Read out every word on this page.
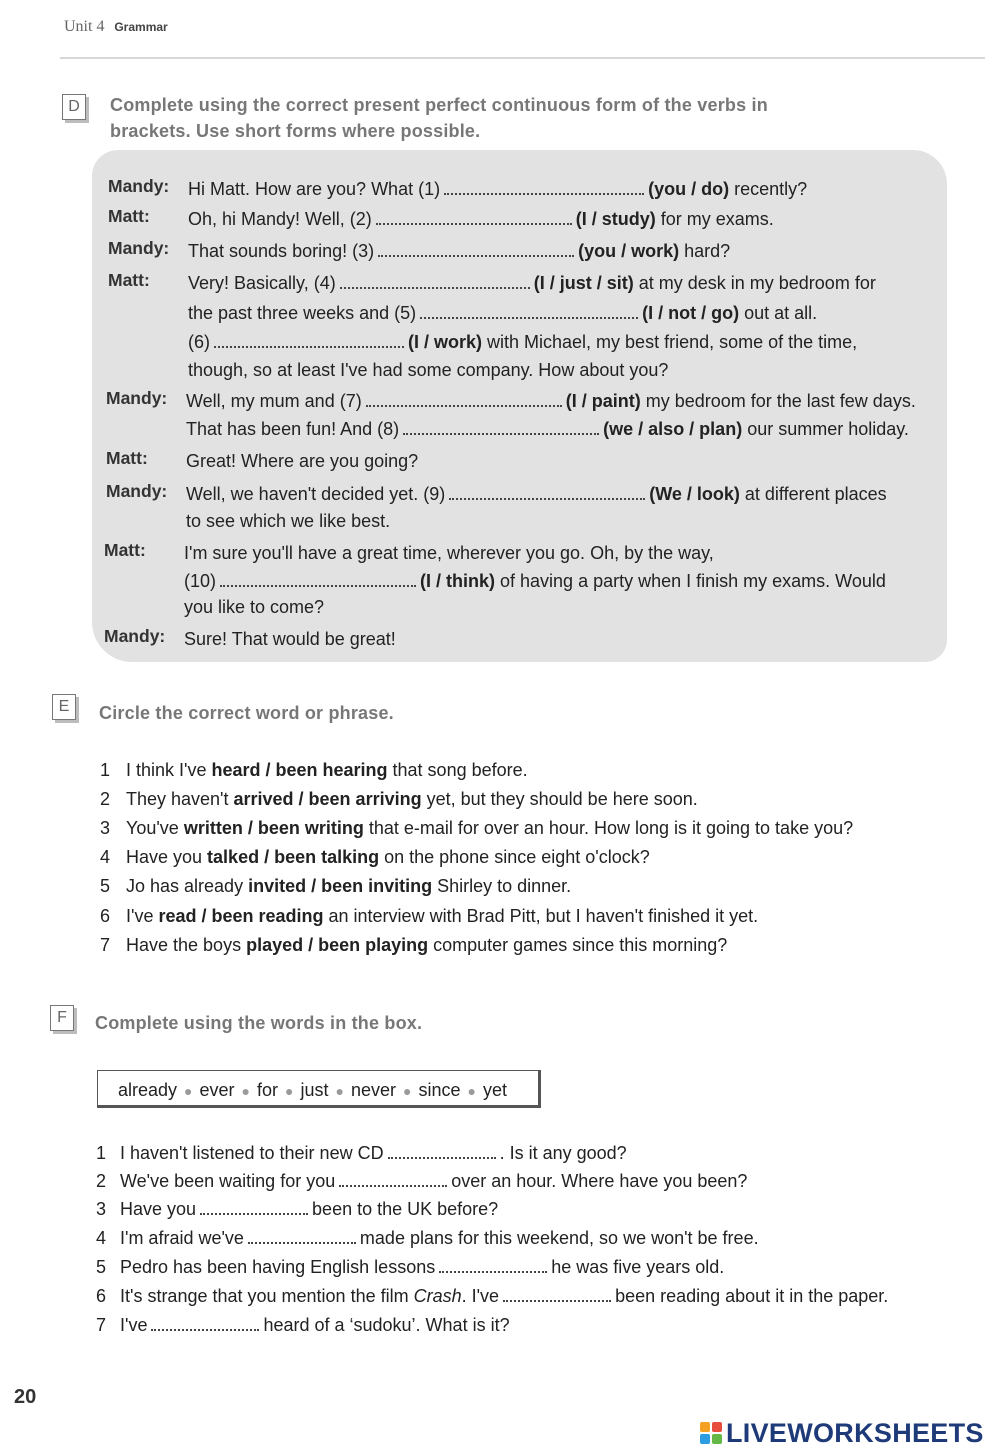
Unit 4 Grammar
D	Complete using the correct present perfect continuous form of the verbs in
brackets. Use short forms where possible.
Mandy: Hi Matt. How are you? What (1)	(you / do) recently?
Matt: Oh, hi Mandy! Well, (2)	(I / study) for my exams.
Mandy: That sounds boring! (3)	(you / work) hard?
Matt: Very! Basically, (4)	(I / just / sit) at my desk in my bedroom for
the past three weeks and (5)	(I / not / go) out at all.
(6)	(I / work) with Michael, my best friend, some of the time,
though, so at least I've had some company. How about you?
Mandy: Well, my mum and (7)	(I / paint) my bedroom for the last few days.
That has been fun! And (8)	(we / also / plan) our summer holiday.
Matt: Great! Where are you going?
Mandy: Well, we haven't decided yet. (9)	(We / look) at different places
to see which we like best.
Matt: I'm sure you'll have a great time, wherever you go. Oh, by the way,
(10)	(I / think) of having a party when I finish my exams. Would
you like to come?
Mandy: Sure! That would be great!
E	Circle the correct word or phrase.
1 I think I've heard / been hearing that song before.
2 They haven't arrived / been arriving yet, but they should be here soon.
3 You've written / been writing that e-mail for over an hour. How long is it going to take you?
4 Have you talked / been talking on the phone since eight o'clock?
5 Jo has already invited / been inviting Shirley to dinner.
6 I've read / been reading an interview with Brad Pitt, but I haven't finished it yet.
7 Have the boys played / been playing computer games since this morning?
F	Complete using the words in the box.
already ● ever ● for ● just ● never ● since ● yet
1 I haven't listened to their new CD	. Is it any good?
2 We've been waiting for you	over an hour. Where have you been?
3 Have you	been to the UK before?
4 I'm afraid we've	made plans for this weekend, so we won't be free.
5 Pedro has been having English lessons	he was five years old.
6 It's strange that you mention the film Crash. I've	been reading about it in the paper.
7 I've	heard of a ‘sudoku’. What is it?
20
LIVEWORKSHEETS
